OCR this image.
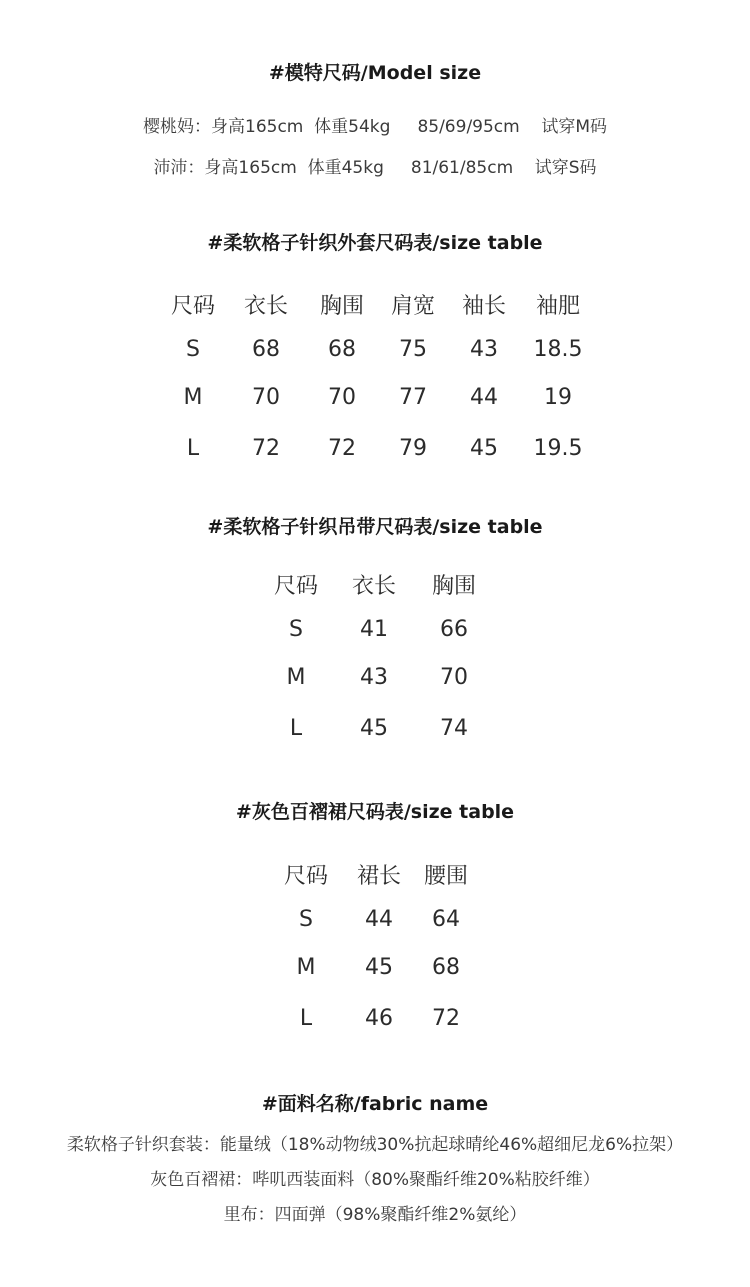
#模特尺码/Model size
樱桃妈：身高165cm  体重54kg     85/69/95cm    试穿M码
沛沛：身高165cm  体重45kg     81/61/85cm    试穿S码
#柔软格子针织外套尺码表/size table
尺码 衣长 胸围 肩宽 袖长 袖肥
S 68 68 75 43 18.5
M 70 70 77 44 19
L 72 72 79 45 19.5
#柔软格子针织吊带尺码表/size table
尺码 衣长 胸围
S	41 66
M 43 70
L	45 74
#灰色百褶裙尺码表/size table
尺码 裙长 腰围
S 44 64
M 45 68
L 46 72
#面料名称/fabric name
柔软格子针织套装：能量绒（18%动物绒30%抗起球晴纶46%超细尼龙6%拉架）
灰色百褶裙：哔叽西装面料（80%聚酯纤维20%粘胶纤维）
里布：四面弹（98%聚酯纤维2%氨纶）
